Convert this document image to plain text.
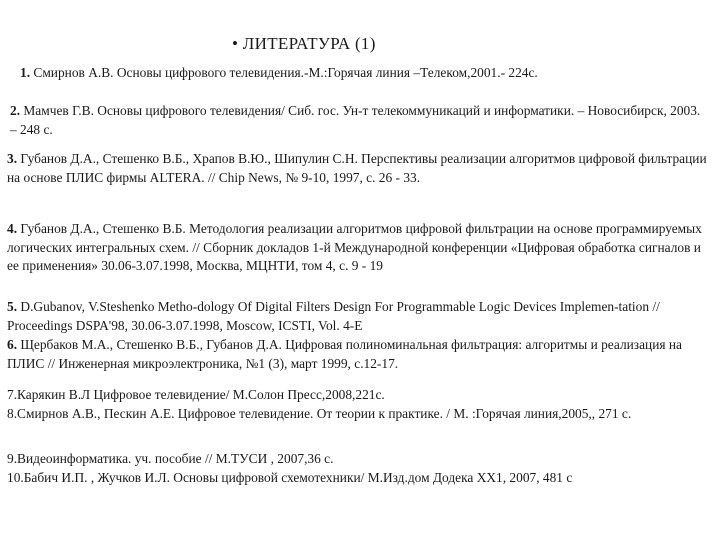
• ЛИТЕРАТУРА (1)

1. Смирнов А.В. Основы цифрового телевидения.-М.:Горячая линия –Телеком,2001.- 224с.

2. Мамчев Г.В. Основы цифрового телевидения/ Сиб. гос. Ун-т телекоммуникаций и информатики. – Новосибирск, 2003. – 248 с.

3. Губанов Д.А., Стешенко В.Б., Храпов В.Ю., Шипулин С.Н. Перспективы реализации алгоритмов цифровой фильтрации на основе ПЛИС фирмы ALTERA. // Chip News, № 9-10, 1997, с. 26 - 33.

4. Губанов Д.А., Стешенко В.Б. Методология реализации алгоритмов цифровой фильтрации на основе программируемых логических интегральных схем. // Сборник докладов 1-й Международной конференции «Цифровая обработка сигналов и ее применения» 30.06-3.07.1998, Москва, МЦНТИ, том 4, с. 9 - 19

5. D.Gubanov, V.Steshenko Metho-dology Of Digital Filters Design For Programmable Logic Devices Implemen-tation // Proceedings DSPA'98, 30.06-3.07.1998, Moscow, ICSTI, Vol. 4-E

6. Щербаков М.А., Стешенко В.Б., Губанов Д.А. Цифровая полиноминальная фильтрация: алгоритмы и реализация на ПЛИС // Инженерная микроэлектроника, №1 (3), март 1999, с.12-17.

7.Карякин В.Л Цифровое телевидение/ М.Солон Пресс,2008,221с.

8.Смирнов А.В., Пескин А.Е. Цифровое телевидение. От теории к практике. / М. :Горячая линия,2005,, 271 с.

9.Видеоинформатика. уч. пособие // М.ТУСИ , 2007,36 с.

10.Бабич И.П. , Жучков И.Л. Основы цифровой схемотехники/ М.Изд.дом Додека ХХ1, 2007, 481 с
